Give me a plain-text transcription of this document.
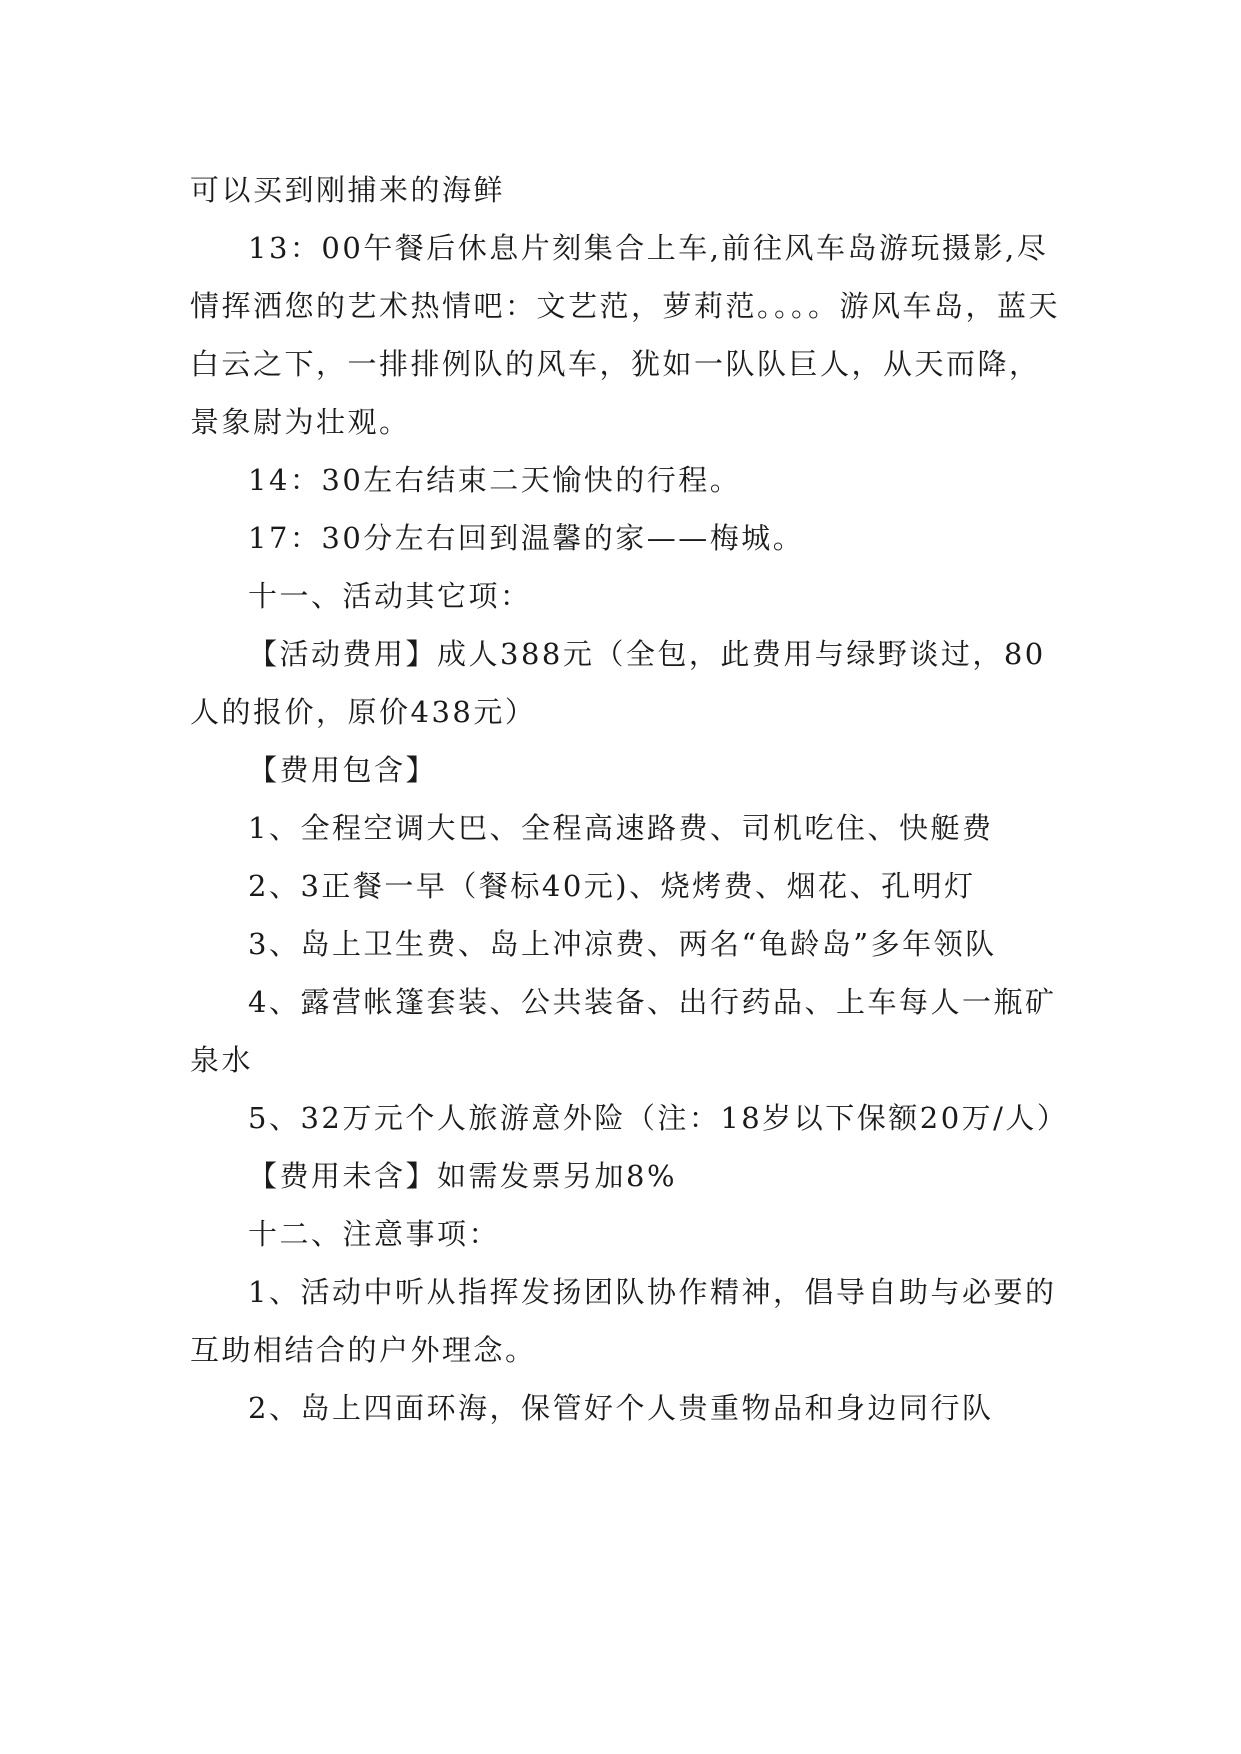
可以买到刚捕来的海鲜

13：00午餐后休息片刻集合上车,前往风车岛游玩摄影,尽情挥洒您的艺术热情吧：文艺范，萝莉范。。。。游风车岛，蓝天白云之下，一排排例队的风车，犹如一队队巨人，从天而降，景象尉为壮观。

14：30左右结束二天愉快的行程。

17：30分左右回到温馨的家——梅城。

十一、活动其它项：

【活动费用】成人388元（全包，此费用与绿野谈过，80人的报价，原价438元）

【费用包含】

1、全程空调大巴、全程高速路费、司机吃住、快艇费

2、3正餐一早（餐标40元)、烧烤费、烟花、孔明灯

3、岛上卫生费、岛上冲凉费、两名“龟龄岛”多年领队

4、露营帐篷套装、公共装备、出行药品、上车每人一瓶矿泉水

5、32万元个人旅游意外险（注：18岁以下保额20万/人）

【费用未含】如需发票另加8%

十二、注意事项：

1、活动中听从指挥发扬团队协作精神，倡导自助与必要的互助相结合的户外理念。

2、岛上四面环海，保管好个人贵重物品和身边同行队
